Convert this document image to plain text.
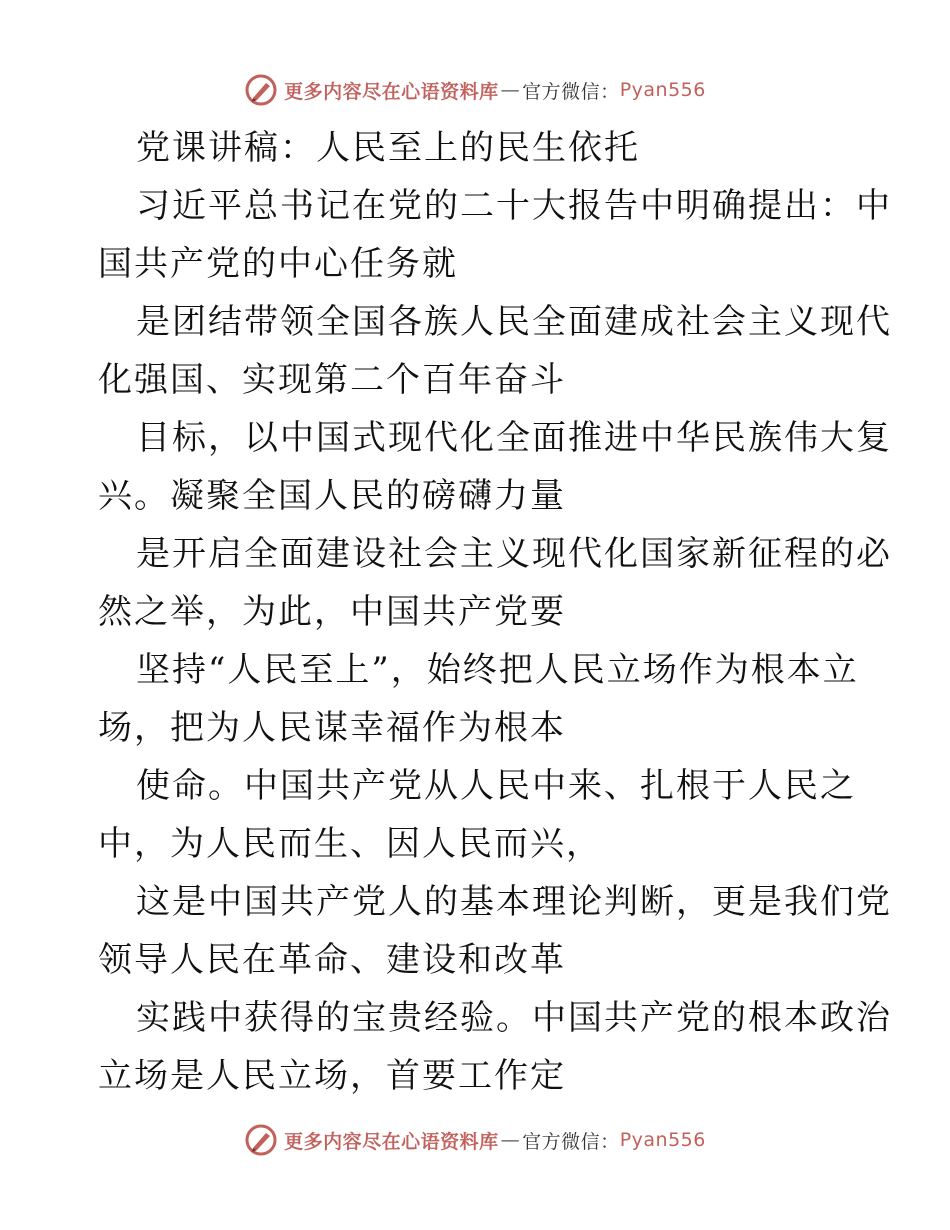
更多内容尽在心语资料库 — 官方微信： Pyan556
党课讲稿：人民至上的民生依托
习近平总书记在党的二十大报告中明确提出：中
国共产党的中心任务就
是团结带领全国各族人民全面建成社会主义现代
化强国、实现第二个百年奋斗
目标，以中国式现代化全面推进中华民族伟大复
兴。凝聚全国人民的磅礴力量
是开启全面建设社会主义现代化国家新征程的必
然之举，为此，中国共产党要
坚持“人民至上”，始终把人民立场作为根本立
场，把为人民谋幸福作为根本
使命。中国共产党从人民中来、扎根于人民之
中，为人民而生、因人民而兴，
这是中国共产党人的基本理论判断，更是我们党
领导人民在革命、建设和改革
实践中获得的宝贵经验。中国共产党的根本政治
立场是人民立场，首要工作定
更多内容尽在心语资料库 — 官方微信： Pyan556
